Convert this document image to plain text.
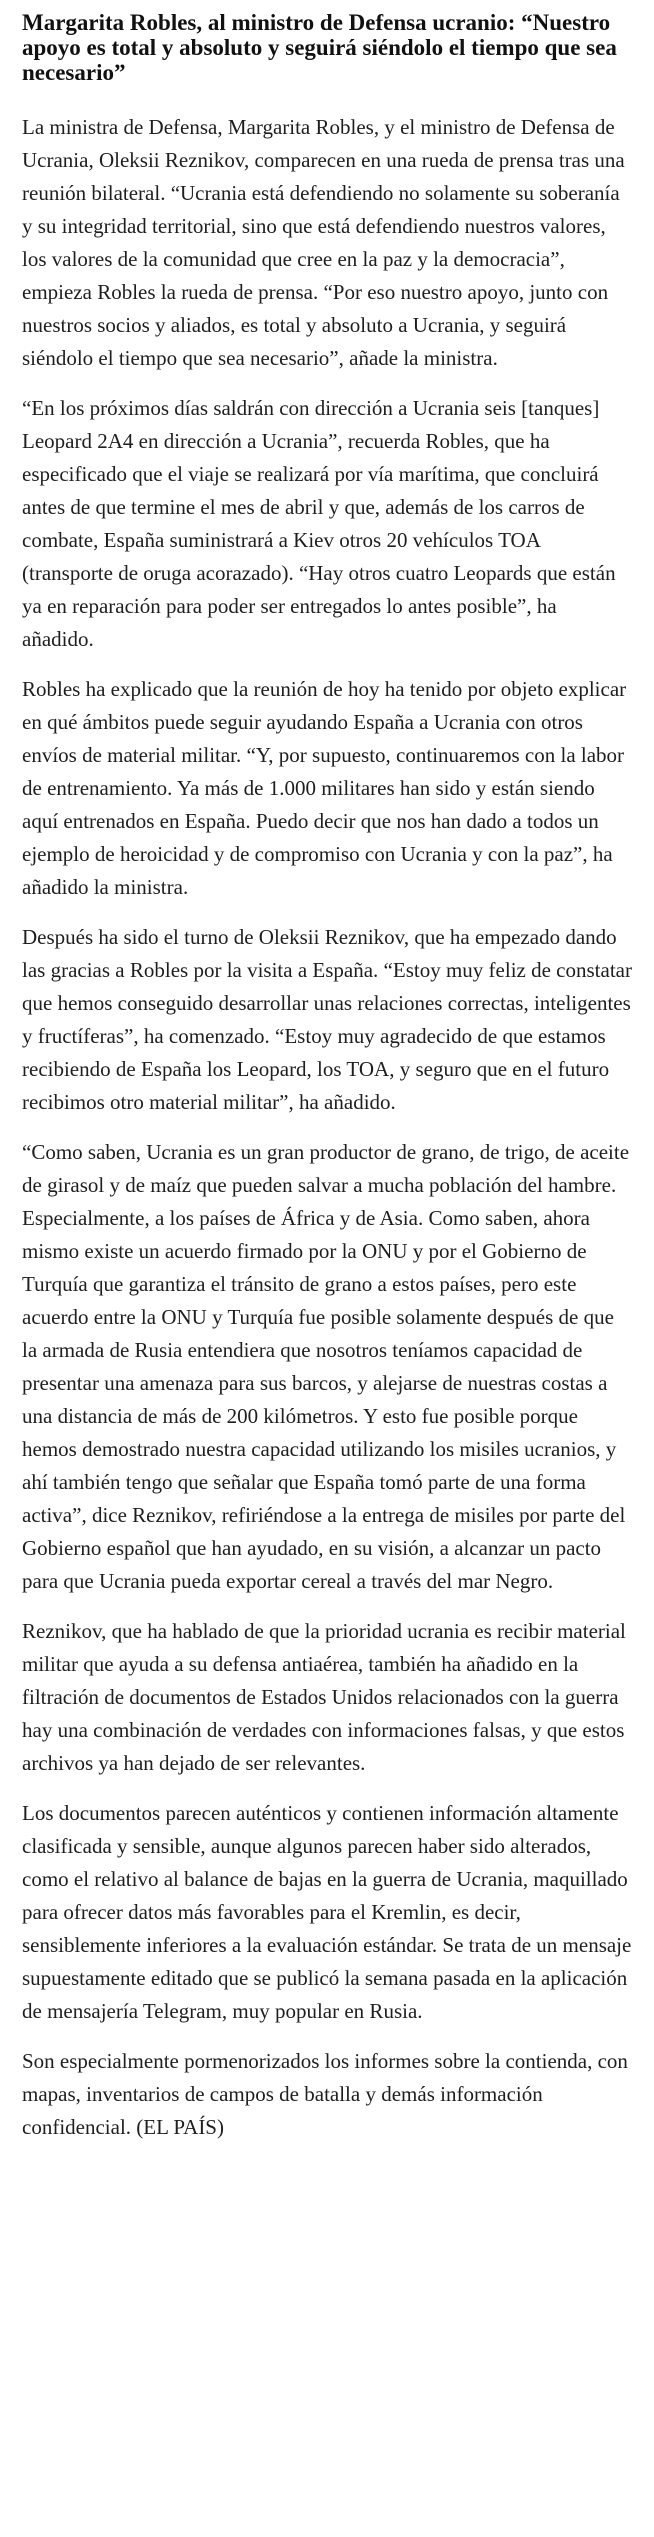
Margarita Robles, al ministro de Defensa ucranio: “Nuestro apoyo es total y absoluto y seguirá siéndolo el tiempo que sea necesario”

La ministra de Defensa, Margarita Robles, y el ministro de Defensa de Ucrania, Oleksii Reznikov, comparecen en una rueda de prensa tras una reunión bilateral. “Ucrania está defendiendo no solamente su soberanía y su integridad territorial, sino que está defendiendo nuestros valores, los valores de la comunidad que cree en la paz y la democracia”, empieza Robles la rueda de prensa. “Por eso nuestro apoyo, junto con nuestros socios y aliados, es total y absoluto a Ucrania, y seguirá siéndolo el tiempo que sea necesario”, añade la ministra.

“En los próximos días saldrán con dirección a Ucrania seis [tanques] Leopard 2A4 en dirección a Ucrania”, recuerda Robles, que ha especificado que el viaje se realizará por vía marítima, que concluirá antes de que termine el mes de abril y que, además de los carros de combate, España suministrará a Kiev otros 20 vehículos TOA (transporte de oruga acorazado). “Hay otros cuatro Leopards que están ya en reparación para poder ser entregados lo antes posible”, ha añadido.

Robles ha explicado que la reunión de hoy ha tenido por objeto explicar en qué ámbitos puede seguir ayudando España a Ucrania con otros envíos de material militar. “Y, por supuesto, continuaremos con la labor de entrenamiento. Ya más de 1.000 militares han sido y están siendo aquí entrenados en España. Puedo decir que nos han dado a todos un ejemplo de heroicidad y de compromiso con Ucrania y con la paz”, ha añadido la ministra.

Después ha sido el turno de Oleksii Reznikov, que ha empezado dando las gracias a Robles por la visita a España. “Estoy muy feliz de constatar que hemos conseguido desarrollar unas relaciones correctas, inteligentes y fructíferas”, ha comenzado. “Estoy muy agradecido de que estamos recibiendo de España los Leopard, los TOA, y seguro que en el futuro recibimos otro material militar”, ha añadido.

“Como saben, Ucrania es un gran productor de grano, de trigo, de aceite de girasol y de maíz que pueden salvar a mucha población del hambre. Especialmente, a los países de África y de Asia. Como saben, ahora mismo existe un acuerdo firmado por la ONU y por el Gobierno de Turquía que garantiza el tránsito de grano a estos países, pero este acuerdo entre la ONU y Turquía fue posible solamente después de que la armada de Rusia entendiera que nosotros teníamos capacidad de presentar una amenaza para sus barcos, y alejarse de nuestras costas a una distancia de más de 200 kilómetros. Y esto fue posible porque hemos demostrado nuestra capacidad utilizando los misiles ucranios, y ahí también tengo que señalar que España tomó parte de una forma activa”, dice Reznikov, refiriéndose a la entrega de misiles por parte del Gobierno español que han ayudado, en su visión, a alcanzar un pacto para que Ucrania pueda exportar cereal a través del mar Negro.

Reznikov, que ha hablado de que la prioridad ucrania es recibir material militar que ayuda a su defensa antiaérea, también ha añadido en la filtración de documentos de Estados Unidos relacionados con la guerra hay una combinación de verdades con informaciones falsas, y que estos archivos ya han dejado de ser relevantes.

Los documentos parecen auténticos y contienen información altamente clasificada y sensible, aunque algunos parecen haber sido alterados, como el relativo al balance de bajas en la guerra de Ucrania, maquillado para ofrecer datos más favorables para el Kremlin, es decir, sensiblemente inferiores a la evaluación estándar. Se trata de un mensaje supuestamente editado que se publicó la semana pasada en la aplicación de mensajería Telegram, muy popular en Rusia.

Son especialmente pormenorizados los informes sobre la contienda, con mapas, inventarios de campos de batalla y demás información confidencial. (EL PAÍS)
